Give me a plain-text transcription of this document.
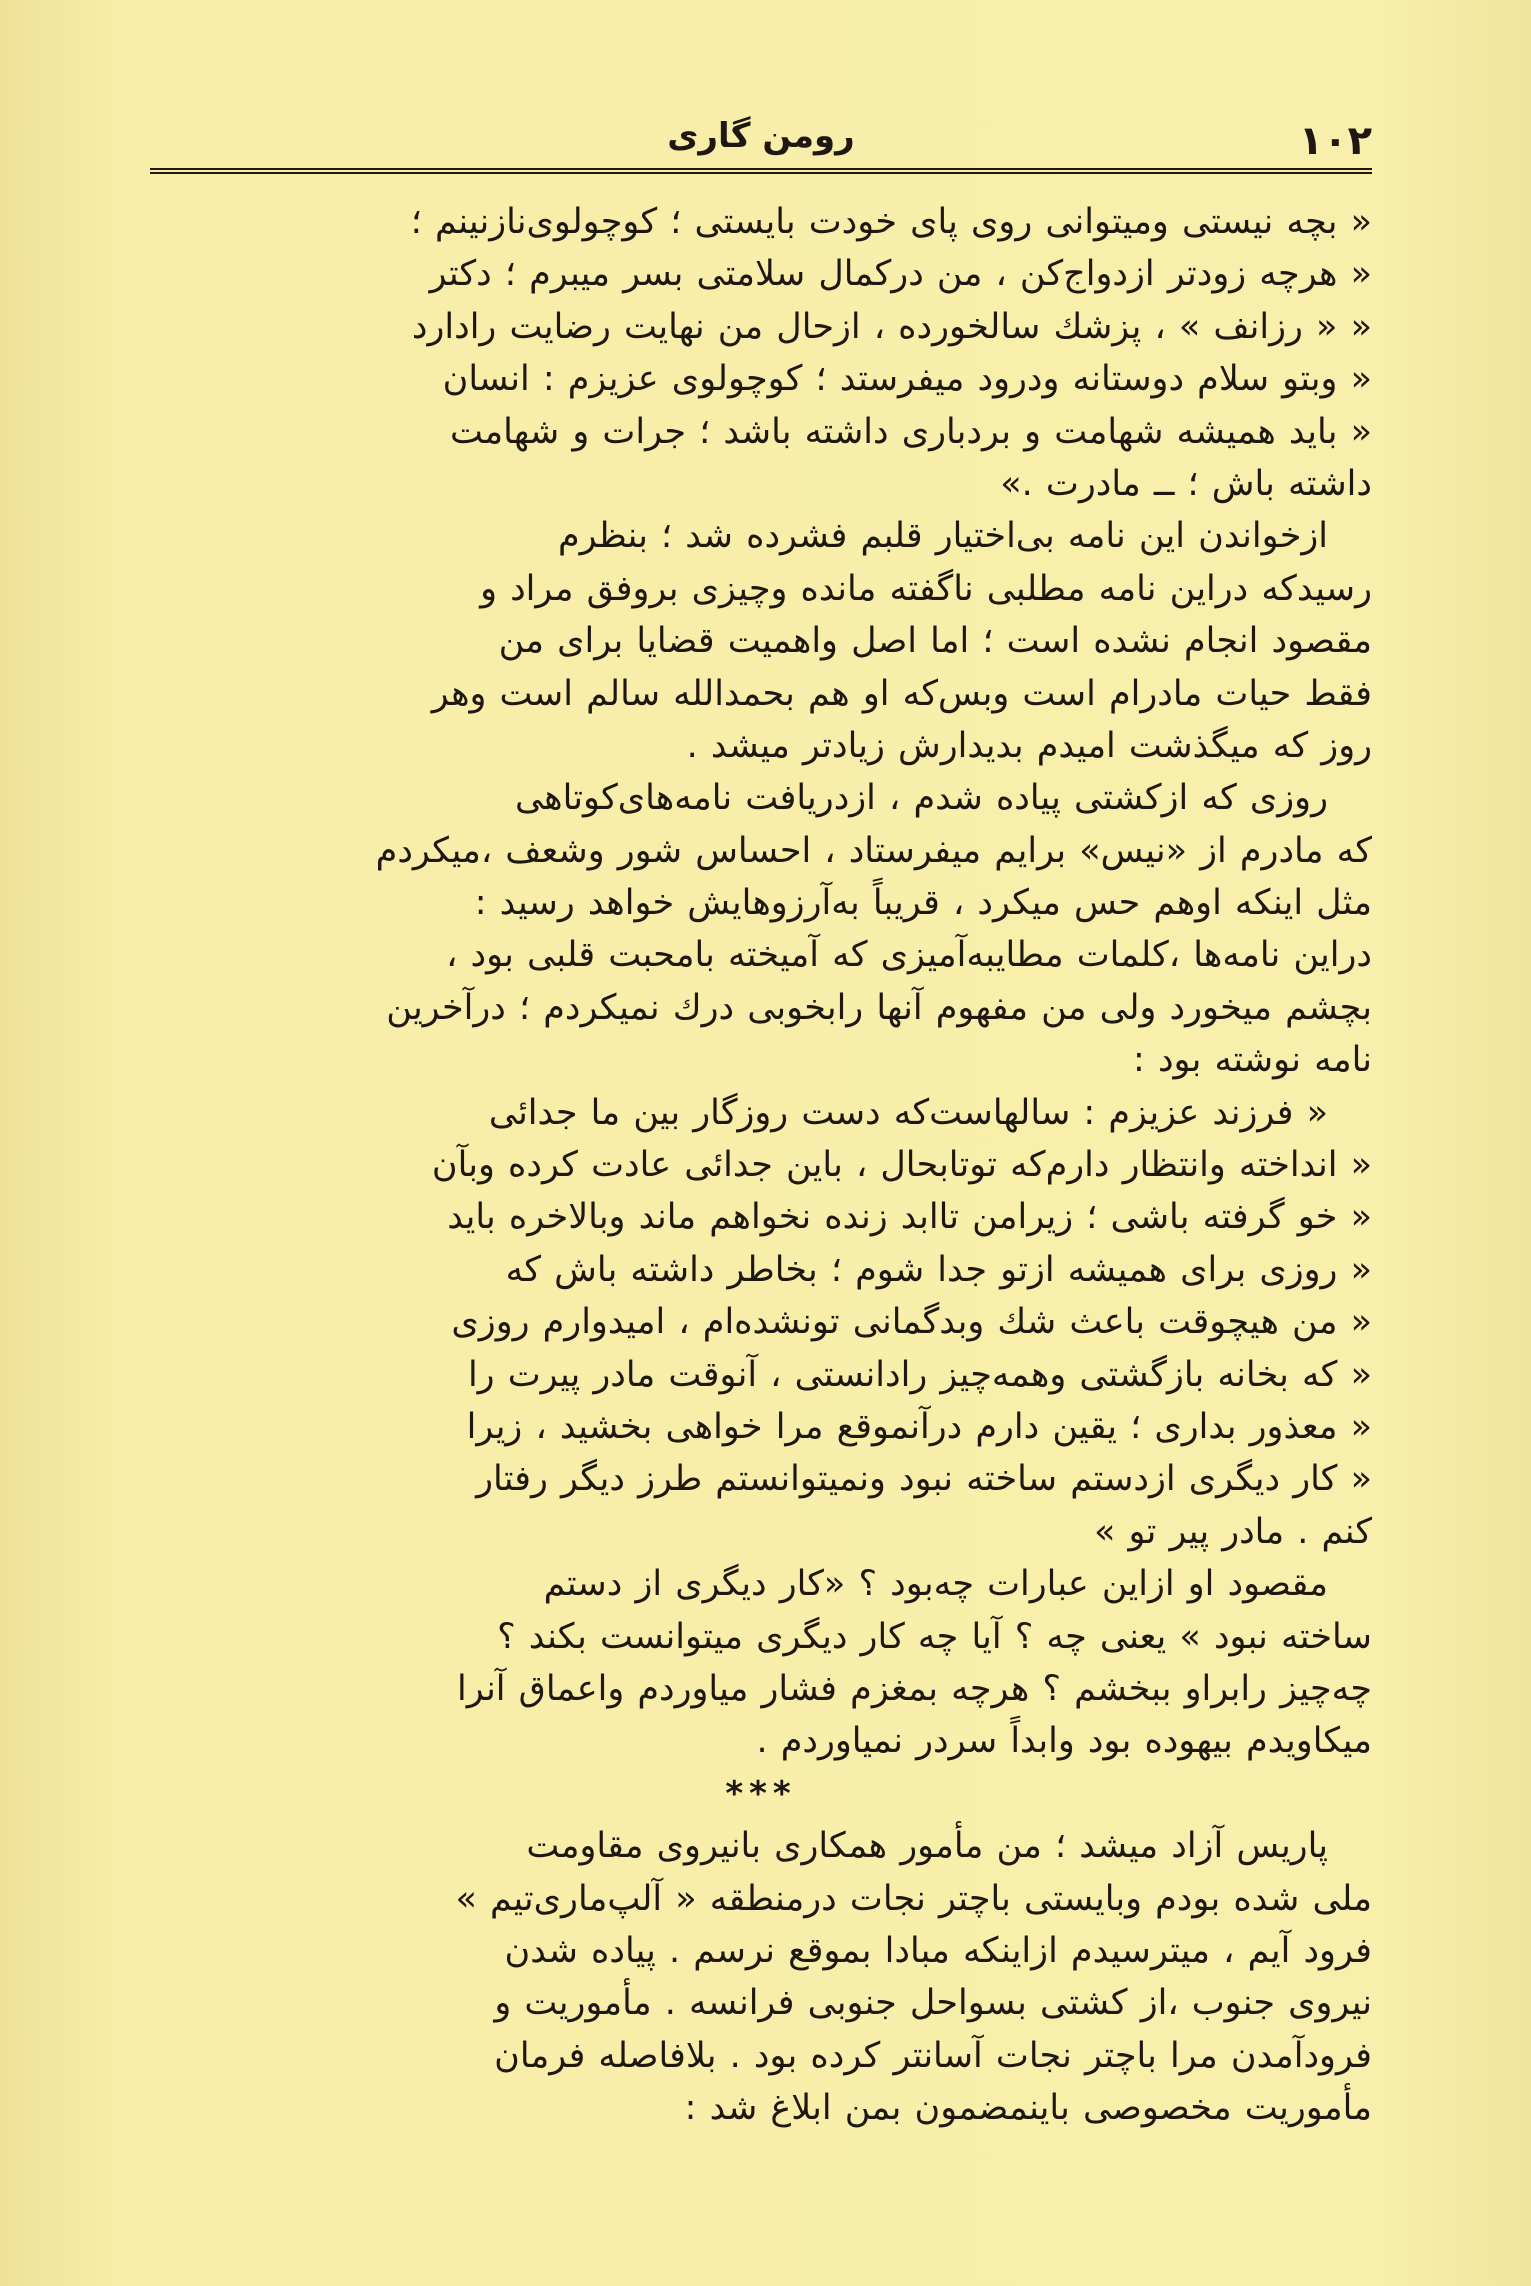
۱۰۲
رومن گاری
« بچه نیستی ومیتوانی روی پای خودت بایستی ؛ کوچولوی‌نازنینم ؛
« هرچه زودتر ازدواج‌کن ، من درکمال سلامتی بسر میبرم ؛ دکتر
« « رزانف » ، پزشك سالخورده ، ازحال من نهایت رضایت رادارد
« وبتو سلام دوستانه ودرود میفرستد ؛ کوچولوی عزیزم : انسان
« باید همیشه شهامت و بردباری داشته باشد ؛ جرات و شهامت
داشته باش ؛ ــ مادرت .»
ازخواندن این نامه بی‌اختیار قلبم فشرده شد ؛ بنظرم
رسیدکه دراین نامه مطلبی ناگفته مانده وچیزی بروفق مراد و
مقصود انجام نشده است ؛ اما اصل واهمیت قضایا برای من
فقط حیات مادرام است وبس‌که او هم بحمدالله سالم است وهر
روز که میگذشت امیدم بدیدارش زیادتر میشد .
روزی که ازکشتی پیاده شدم ، ازدریافت نامه‌های‌کوتاهی
که مادرم از «نیس» برایم میفرستاد ، احساس شور وشعف ،میکردم
مثل اینکه اوهم حس میکرد ، قریباً به‌آرزوهایش خواهد رسید :
دراین نامه‌ها ،کلمات مطایبه‌آمیزی که آمیخته بامحبت قلبی بود ،
بچشم میخورد ولی من مفهوم آنها رابخوبی درك نمیکردم ؛ درآخرین
نامه نوشته بود :
« فرزند عزیزم : سالهاست‌که دست روزگار بین ما جدائی
« انداخته وانتظار دارم‌که توتابحال ، باین جدائی عادت کرده وبآن
« خو گرفته باشی ؛ زیرامن تاابد زنده نخواهم ماند وبالاخره باید
« روزی برای همیشه ازتو جدا شوم ؛ بخاطر داشته باش که
« من هیچوقت باعث شك وبدگمانی تونشده‌ام ، امیدوارم روزی
« که بخانه بازگشتی وهمه‌چیز رادانستی ، آنوقت مادر پیرت را
« معذور بداری ؛ یقین دارم درآنموقع مرا خواهی بخشید ، زیرا
« کار دیگری ازدستم ساخته نبود ونمیتوانستم طرز دیگر رفتار
کنم . مادر پیر تو »
مقصود او ازاین عبارات چه‌بود ؟ «کار دیگری از دستم
ساخته نبود » یعنی چه ؟ آیا چه کار دیگری میتوانست بکند ؟
چه‌چیز رابراو ببخشم ؟ هرچه بمغزم فشار میاوردم واعماق آنرا
میکاویدم بیهوده بود وابداً سردر نمیاوردم .
***
پاریس آزاد میشد ؛ من مأمور همکاری بانیروی مقاومت
ملی شده بودم وبایستی باچتر نجات درمنطقه « آلپ‌ماری‌تیم »
فرود آیم ، میترسیدم ازاینکه مبادا بموقع نرسم . پیاده شدن
نیروی جنوب ،از کشتی بسواحل جنوبی فرانسه . مأموریت و
فرودآمدن مرا باچتر نجات آسانتر کرده بود . بلافاصله فرمان
مأموریت مخصوصی باینمضمون بمن ابلاغ شد :
